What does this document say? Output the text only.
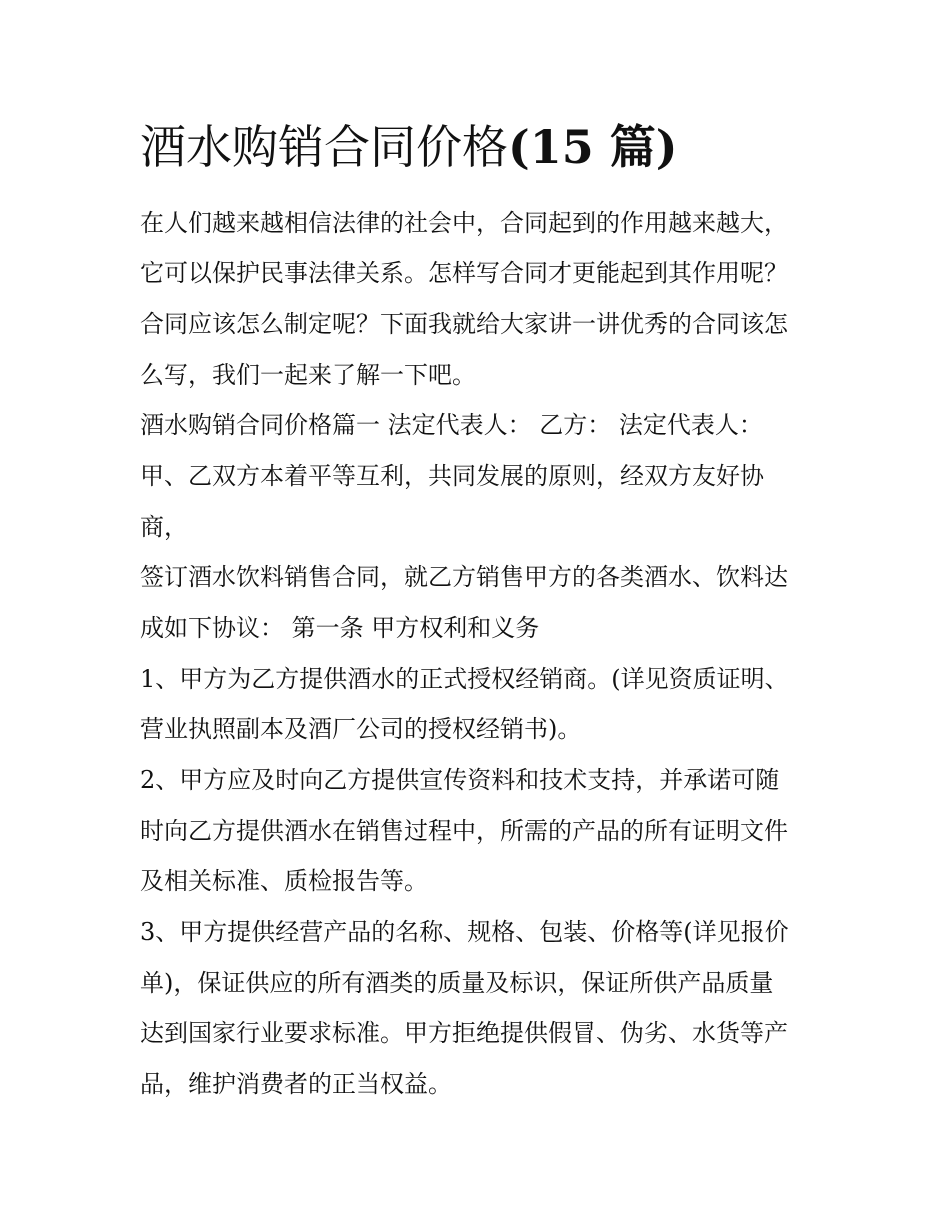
酒水购销合同价格(15 篇)

在人们越来越相信法律的社会中，合同起到的作用越来越大，

它可以保护民事法律关系。怎样写合同才更能起到其作用呢？

合同应该怎么制定呢？下面我就给大家讲一讲优秀的合同该怎

么写，我们一起来了解一下吧。

酒水购销合同价格篇一 法定代表人： 乙方： 法定代表人：

甲、乙双方本着平等互利，共同发展的原则，经双方友好协

商，

签订酒水饮料销售合同，就乙方销售甲方的各类酒水、饮料达

成如下协议： 第一条 甲方权利和义务

1、甲方为乙方提供酒水的正式授权经销商。(详见资质证明、

营业执照副本及酒厂公司的授权经销书)。

2、甲方应及时向乙方提供宣传资料和技术支持，并承诺可随

时向乙方提供酒水在销售过程中，所需的产品的所有证明文件

及相关标准、质检报告等。

3、甲方提供经营产品的名称、规格、包装、价格等(详见报价

单)，保证供应的所有酒类的质量及标识，保证所供产品质量

达到国家行业要求标准。甲方拒绝提供假冒、伪劣、水货等产

品，维护消费者的正当权益。
